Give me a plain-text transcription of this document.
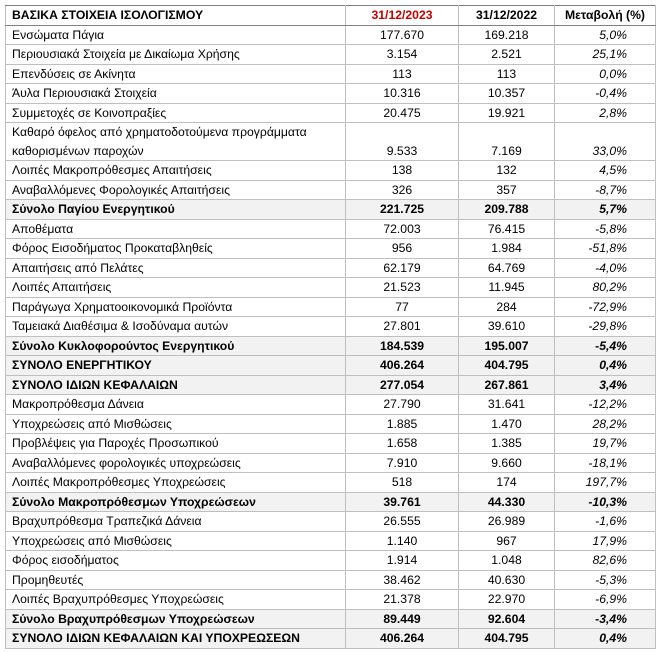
ΒΑΣΙΚΑ ΣΤΟΙΧΕΙΑ ΙΣΟΛΟΓΙΣΜΟΥ	31/12/2023	31/12/2022	Μεταβολή (%)
Ενσώματα Πάγια	177.670	169.218	5,0%
Περιουσιακά Στοιχεία με Δικαίωμα Χρήσης	3.154	2.521	25,1%
Επενδύσεις σε Ακίνητα	113	113	0,0%
Άυλα Περιουσιακά Στοιχεία	10.316	10.357	-0,4%
Συμμετοχές σε Κοινοπραξίες	20.475	19.921	2,8%
Καθαρό όφελος από χρηματοδοτούμενα προγράμματα καθορισμένων παροχών	9.533	7.169	33,0%
Λοιπές Μακροπρόθεσμες Απαιτήσεις	138	132	4,5%
Αναβαλλόμενες Φορολογικές Απαιτήσεις	326	357	-8,7%
Σύνολο Παγίου Ενεργητικού	221.725	209.788	5,7%
Αποθέματα	72.003	76.415	-5,8%
Φόρος Εισοδήματος Προκαταβληθείς	956	1.984	-51,8%
Απαιτήσεις από Πελάτες	62.179	64.769	-4,0%
Λοιπές Απαιτήσεις	21.523	11.945	80,2%
Παράγωγα Χρηματοοικονομικά Προϊόντα	77	284	-72,9%
Ταμειακά Διαθέσιμα & Ισοδύναμα αυτών	27.801	39.610	-29,8%
Σύνολο Κυκλοφορούντος Ενεργητικού	184.539	195.007	-5,4%
ΣΥΝΟΛΟ ΕΝΕΡΓΗΤΙΚΟΥ	406.264	404.795	0,4%
ΣΥΝΟΛΟ ΙΔΙΩΝ ΚΕΦΑΛΑΙΩΝ	277.054	267.861	3,4%
Μακροπρόθεσμα Δάνεια	27.790	31.641	-12,2%
Υποχρεώσεις από Μισθώσεις	1.885	1.470	28,2%
Προβλέψεις για Παροχές Προσωπικού	1.658	1.385	19,7%
Αναβαλλόμενες φορολογικές υποχρεώσεις	7.910	9.660	-18,1%
Λοιπές Μακροπρόθεσμες Υποχρεώσεις	518	174	197,7%
Σύνολο Μακροπρόθεσμων Υποχρεώσεων	39.761	44.330	-10,3%
Βραχυπρόθεσμα Τραπεζικά Δάνεια	26.555	26.989	-1,6%
Υποχρεώσεις από Μισθώσεις	1.140	967	17,9%
Φόρος εισοδήματος	1.914	1.048	82,6%
Προμηθευτές	38.462	40.630	-5,3%
Λοιπές Βραχυπρόθεσμες Υποχρεώσεις	21.378	22.970	-6,9%
Σύνολο Βραχυπρόθεσμων Υποχρεώσεων	89.449	92.604	-3,4%
ΣΥΝΟΛΟ ΙΔΙΩΝ ΚΕΦΑΛΑΙΩΝ ΚΑΙ ΥΠΟΧΡΕΩΣΕΩΝ	406.264	404.795	0,4%
